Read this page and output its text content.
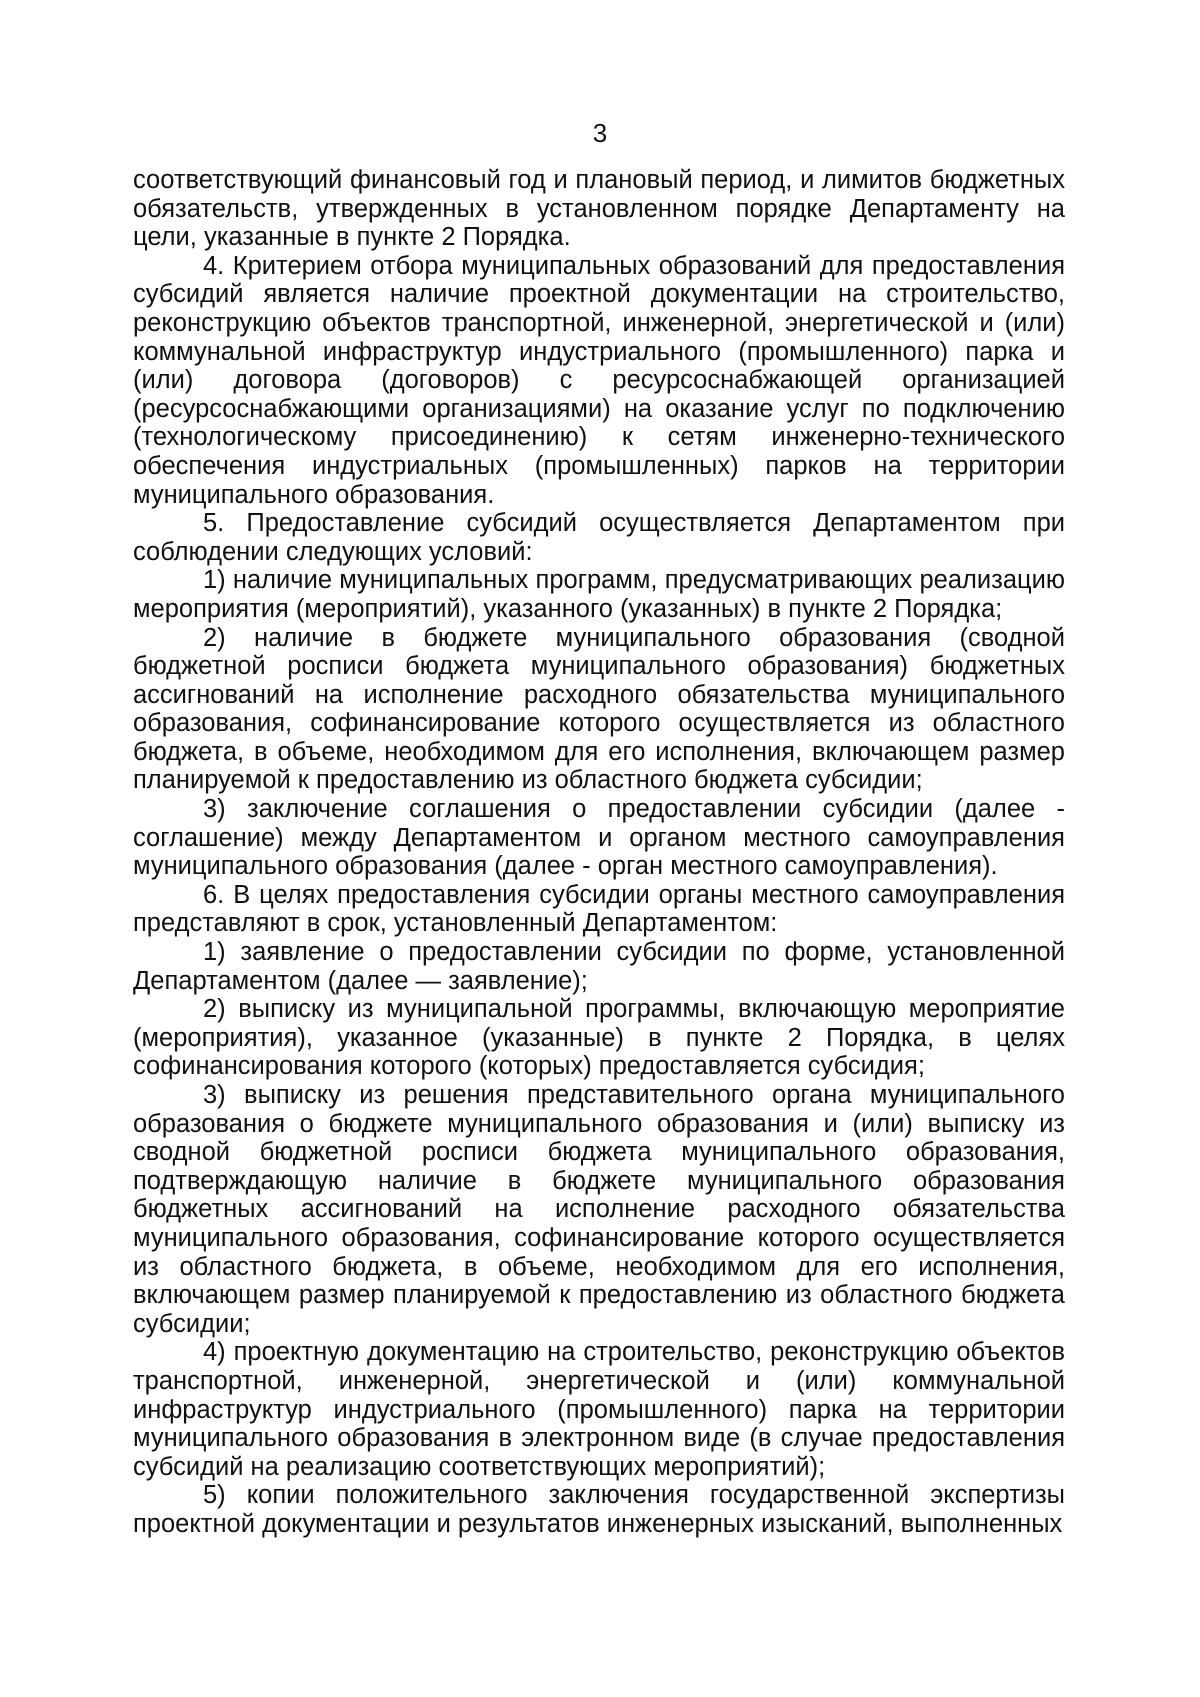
3

соответствующий финансовый год и плановый период, и лимитов бюджетных обязательств, утвержденных в установленном порядке Департаменту на цели, указанные в пункте 2 Порядка.

4. Критерием отбора муниципальных образований для предоставления субсидий является наличие проектной документации на строительство, реконструкцию объектов транспортной, инженерной, энергетической и (или) коммунальной инфраструктур индустриального (промышленного) парка и (или) договора (договоров) с ресурсоснабжающей организацией (ресурсоснабжающими организациями) на оказание услуг по подключению (технологическому присоединению) к сетям инженерно-технического обеспечения индустриальных (промышленных) парков на территории муниципального образования.

5. Предоставление субсидий осуществляется Департаментом при соблюдении следующих условий:

1) наличие муниципальных программ, предусматривающих реализацию мероприятия (мероприятий), указанного (указанных) в пункте 2 Порядка;

2) наличие в бюджете муниципального образования (сводной бюджетной росписи бюджета муниципального образования) бюджетных ассигнований на исполнение расходного обязательства муниципального образования, софинансирование которого осуществляется из областного бюджета, в объеме, необходимом для его исполнения, включающем размер планируемой к предоставлению из областного бюджета субсидии;

3) заключение соглашения о предоставлении субсидии (далее - соглашение) между Департаментом и органом местного самоуправления муниципального образования (далее - орган местного самоуправления).

6. В целях предоставления субсидии органы местного самоуправления представляют в срок, установленный Департаментом:

1) заявление о предоставлении субсидии по форме, установленной Департаментом (далее — заявление);

2) выписку из муниципальной программы, включающую мероприятие (мероприятия), указанное (указанные) в пункте 2 Порядка, в целях софинансирования которого (которых) предоставляется субсидия;

3) выписку из решения представительного органа муниципального образования о бюджете муниципального образования и (или) выписку из сводной бюджетной росписи бюджета муниципального образования, подтверждающую наличие в бюджете муниципального образования бюджетных ассигнований на исполнение расходного обязательства муниципального образования, софинансирование которого осуществляется из областного бюджета, в объеме, необходимом для его исполнения, включающем размер планируемой к предоставлению из областного бюджета субсидии;

4) проектную документацию на строительство, реконструкцию объектов транспортной, инженерной, энергетической и (или) коммунальной инфраструктур индустриального (промышленного) парка на территории муниципального образования в электронном виде (в случае предоставления субсидий на реализацию соответствующих мероприятий);

5) копии положительного заключения государственной экспертизы проектной документации и результатов инженерных изысканий, выполненных
